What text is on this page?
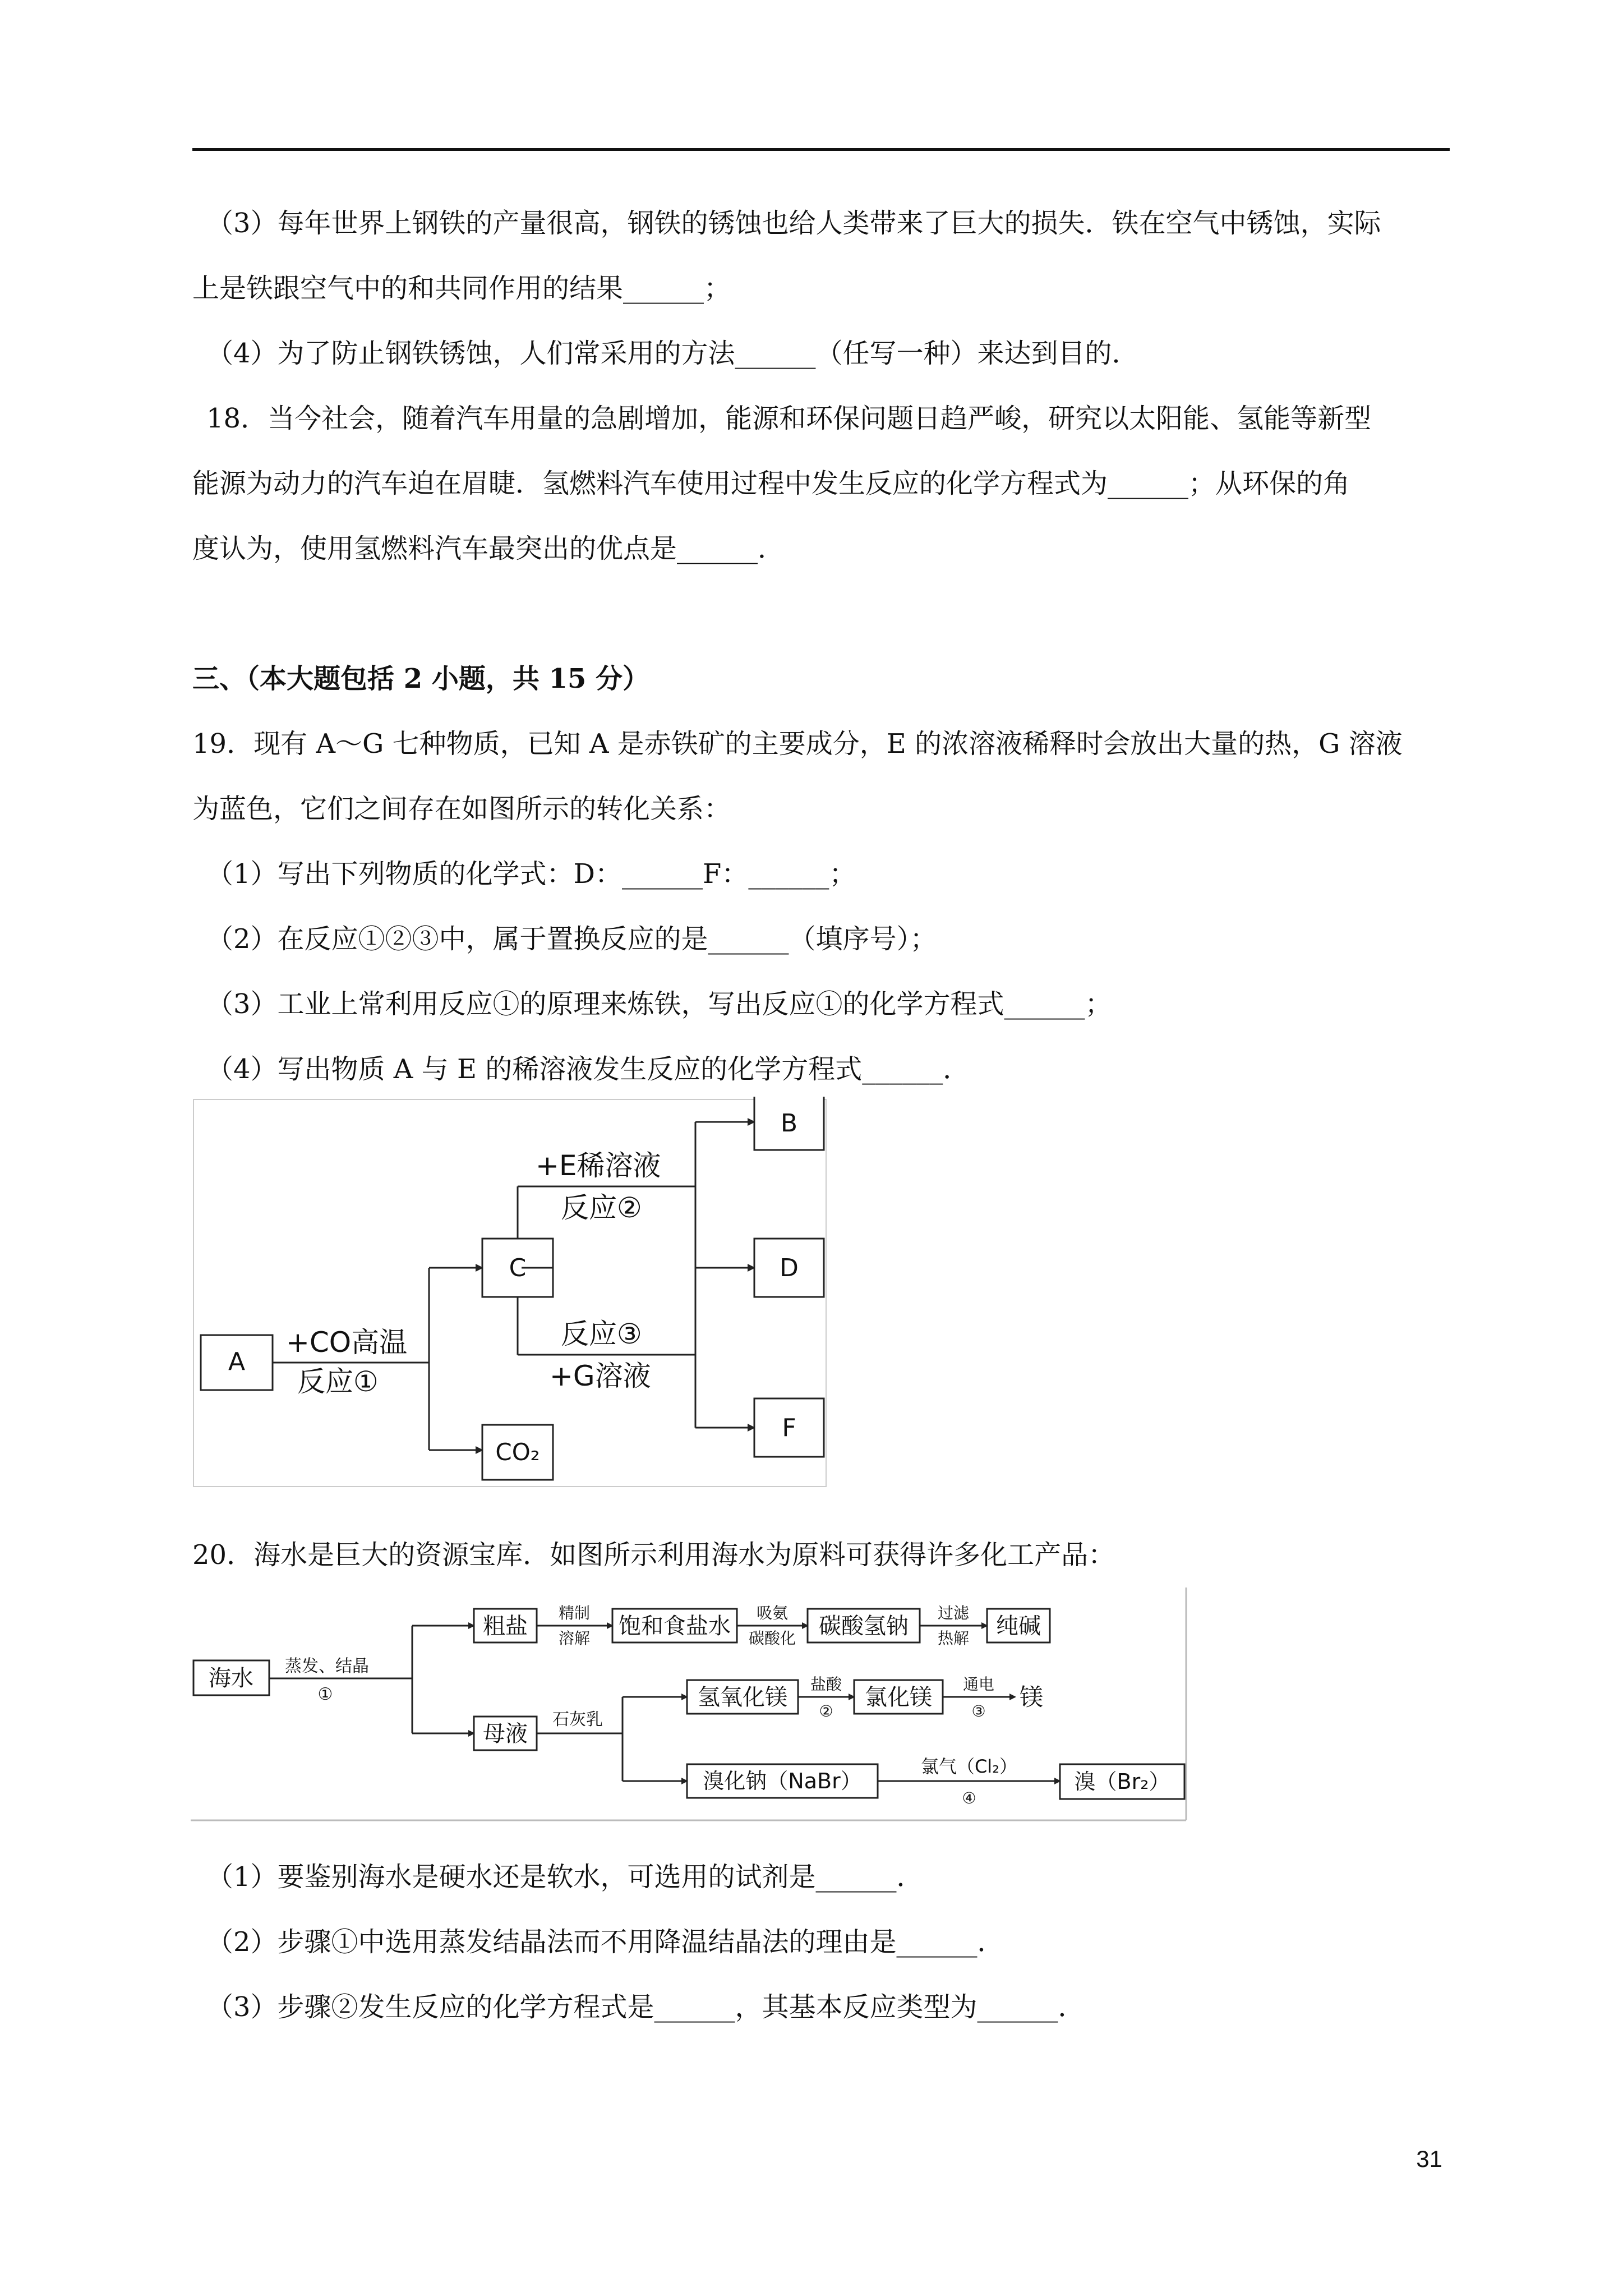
（3）每年世界上钢铁的产量很高，钢铁的锈蚀也给人类带来了巨大的损失．铁在空气中锈蚀，实际
上是铁跟空气中的和共同作用的结果______；
（4）为了防止钢铁锈蚀，人们常采用的方法______（任写一种）来达到目的．
18．当今社会，随着汽车用量的急剧增加，能源和环保问题日趋严峻，研究以太阳能、氢能等新型
能源为动力的汽车迫在眉睫．氢燃料汽车使用过程中发生反应的化学方程式为______；从环保的角
度认为，使用氢燃料汽车最突出的优点是______．
三、（本大题包括 2 小题，共 15 分）
19．现有 A～G 七种物质，已知 A 是赤铁矿的主要成分，E 的浓溶液稀释时会放出大量的热，G 溶液
为蓝色，它们之间存在如图所示的转化关系：
（1）写出下列物质的化学式：D：______F：______；
（2）在反应①②③中，属于置换反应的是______（填序号）；
（3）工业上常利用反应①的原理来炼铁，写出反应①的化学方程式______；
（4）写出物质 A 与 E 的稀溶液发生反应的化学方程式______．
A
+CO高温
反应①
C
CO₂
+E稀溶液
反应②
反应③
+G溶液
B
D
F
20．海水是巨大的资源宝库．如图所示利用海水为原料可获得许多化工产品：
海水 蒸发、结晶
①
粗盐
精制
溶解 饱和食盐水
吸氨
碳酸化 碳酸氢钠
过滤
热解 纯碱
母液
石灰乳
氢氧化镁
盐酸
②
氯化镁
通电
③
镁
溴化钠（NaBr）
氯气（Cl₂）
④
溴（Br₂）
（1）要鉴别海水是硬水还是软水，可选用的试剂是______．
（2）步骤①中选用蒸发结晶法而不用降温结晶法的理由是______．
（3）步骤②发生反应的化学方程式是______，其基本反应类型为______．
31
